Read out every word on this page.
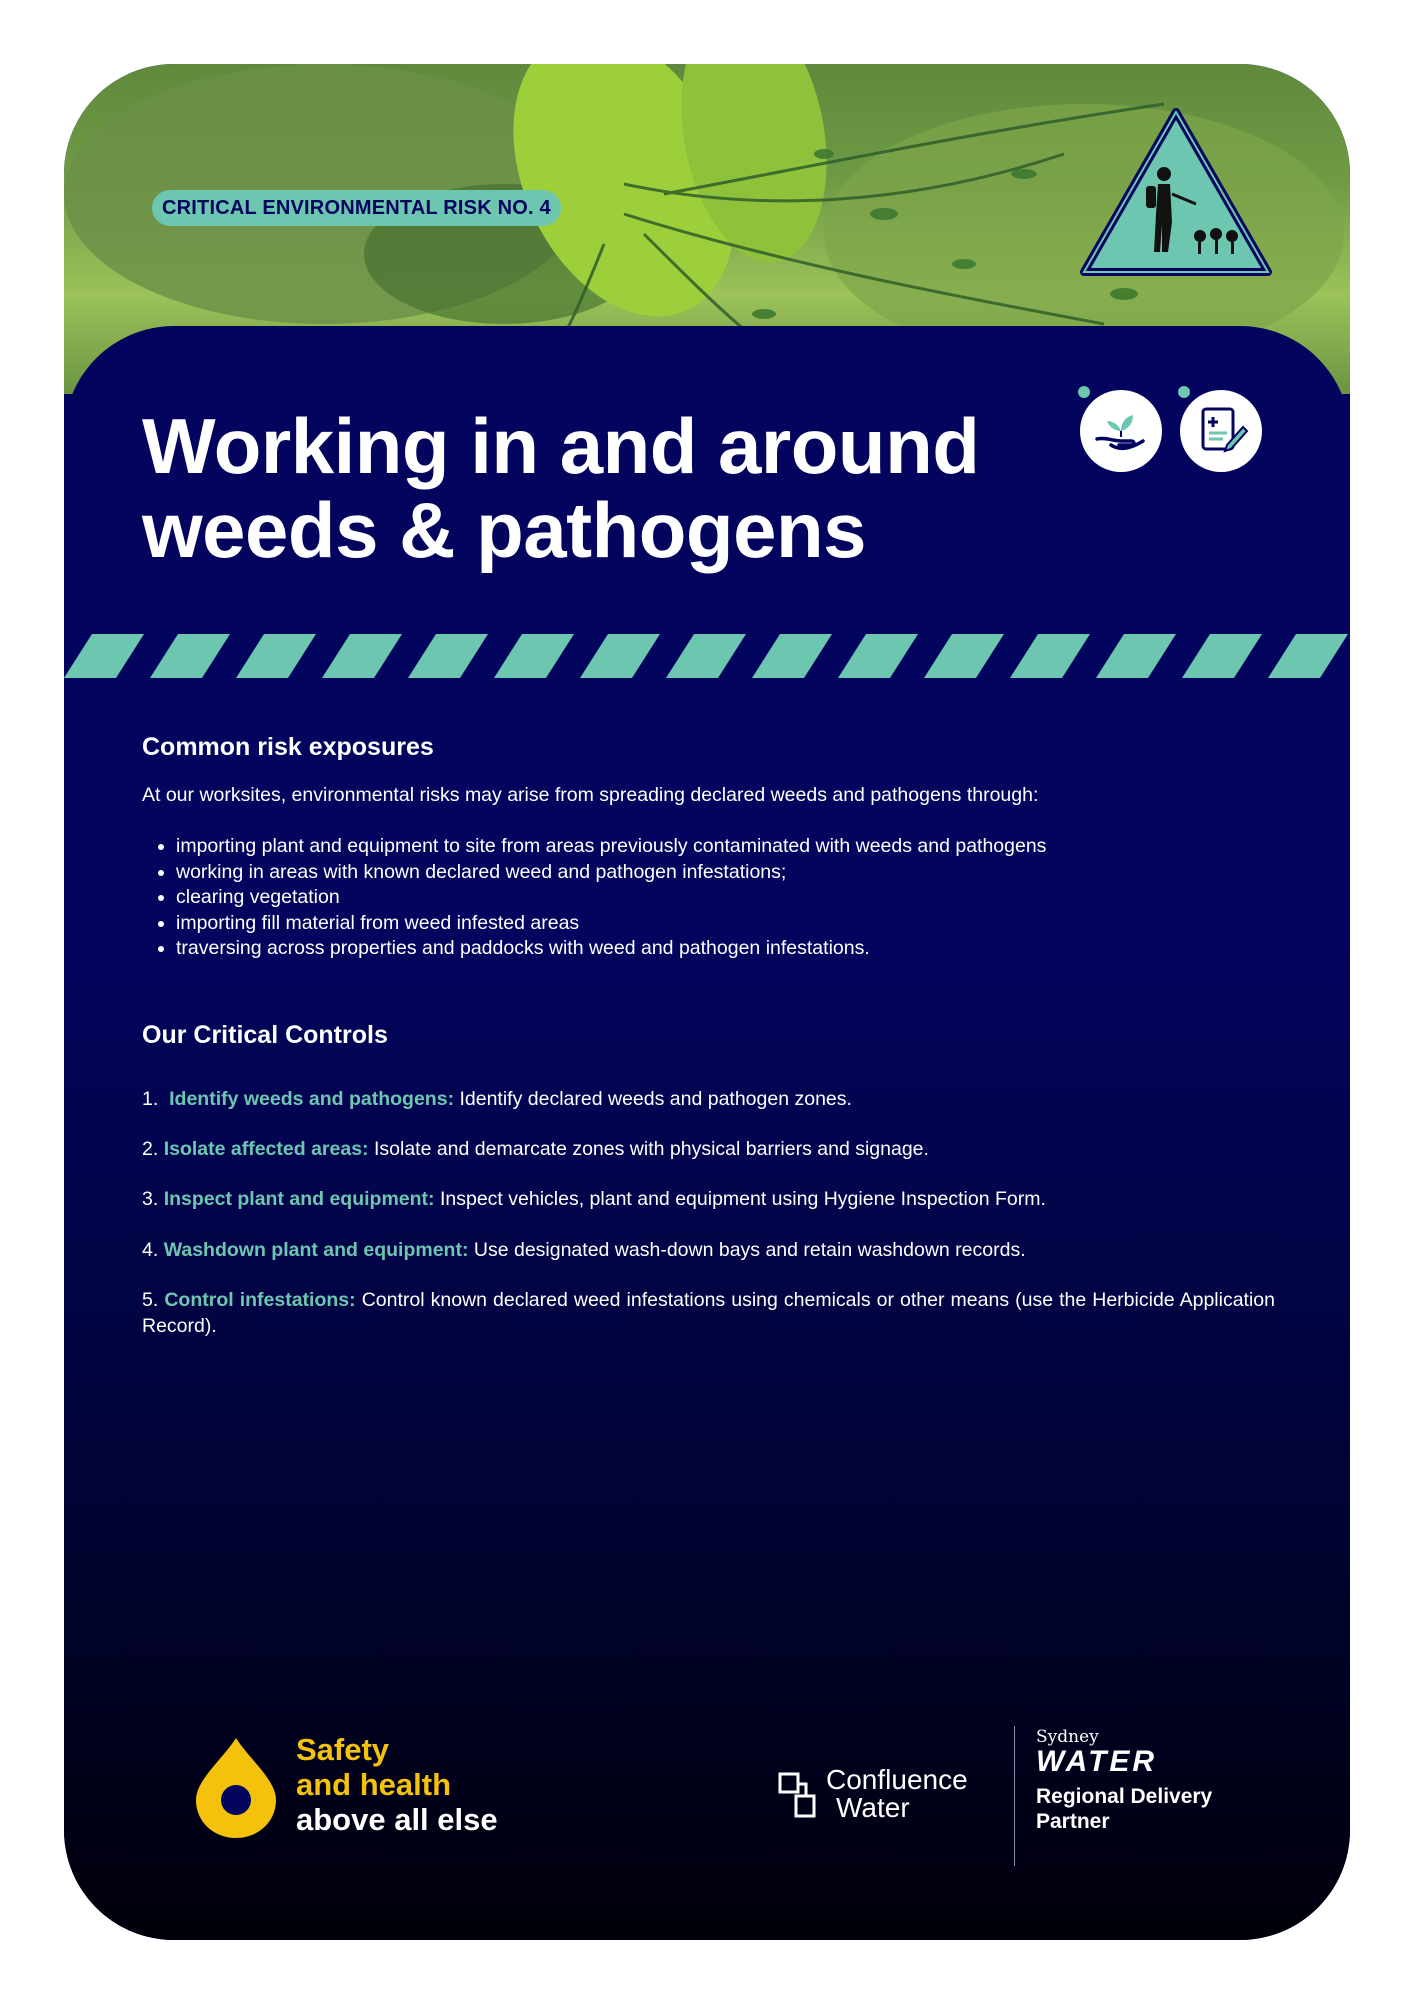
CRITICAL ENVIRONMENTAL RISK NO. 4
Working in and around
weeds & pathogens
Common risk exposures

At our worksites, environmental risks may arise from spreading declared weeds and pathogens through:

• importing plant and equipment to site from areas previously contaminated with weeds and pathogens
• working in areas with known declared weed and pathogen infestations;
• clearing vegetation
• importing fill material from weed infested areas
• traversing across properties and paddocks with weed and pathogen infestations.
Our Critical Controls

1. Identify weeds and pathogens: Identify declared weeds and pathogen zones.

2. Isolate affected areas: Isolate and demarcate zones with physical barriers and signage.

3. Inspect plant and equipment: Inspect vehicles, plant and equipment using Hygiene Inspection Form.

4. Washdown plant and equipment: Use designated wash-down bays and retain washdown records.

5. Control infestations: Control known declared weed infestations using chemicals or other means (use the Herbicide Application Record).

Safety
and health
above all else

Confluence
Water

Sydney
WATER
Regional Delivery
Partner
